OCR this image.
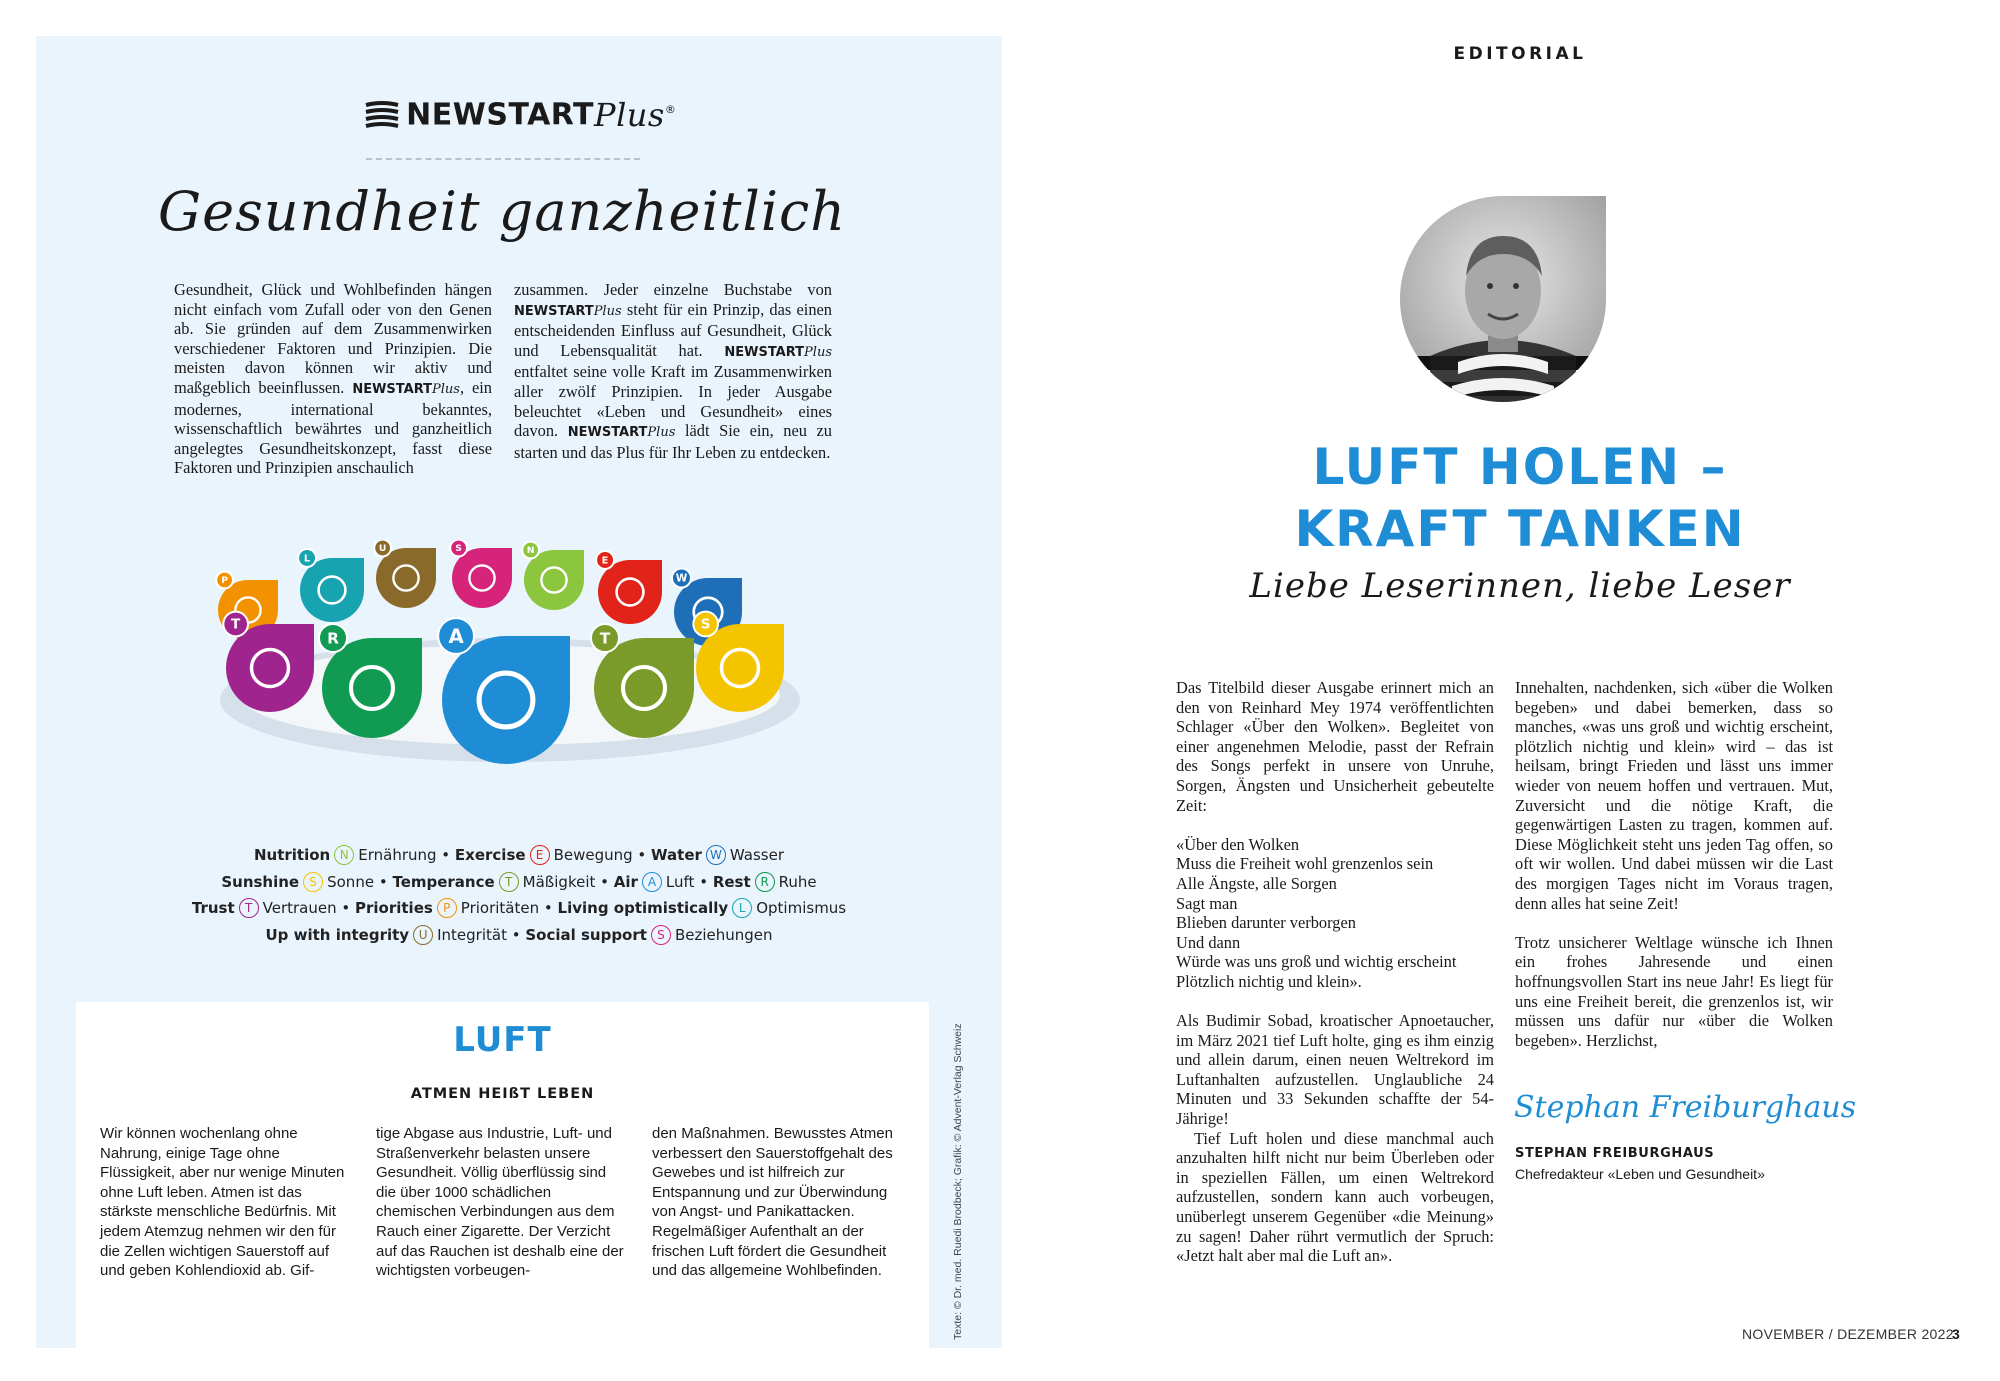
NEWSTARTPlus®
Gesundheit ganzheitlich
Gesundheit, Glück und Wohlbefinden hängen nicht einfach vom Zufall oder von den Genen ab. Sie gründen auf dem Zusammenwirken verschiedener Faktoren und Prinzipien. Die meisten davon können wir aktiv und maßgeblich beeinflussen. NEWSTARTPlus, ein modernes, international bekanntes, wissenschaftlich bewährtes und ganzheitlich angelegtes Gesundheitskonzept, fasst diese Faktoren und Prinzipien anschaulich
zusammen. Jeder einzelne Buchstabe von NEWSTARTPlus steht für ein Prinzip, das einen entscheidenden Einfluss auf Gesundheit, Glück und Lebensqualität hat. NEWSTARTPlus entfaltet seine volle Kraft im Zusammenwirken aller zwölf Prinzipien. In jeder Ausgabe beleuchtet «Leben und Gesundheit» eines davon. NEWSTARTPlus lädt Sie ein, neu zu starten und das Plus für Ihr Leben zu entdecken.
P
L
U	S	N
E
W
T
R	A	T
S
Nutrition N Ernährung • Exercise E Bewegung • Water W Wasser
Sunshine S Sonne • Temperance T Mäßigkeit • Air A Luft • Rest R Ruhe
Trust T Vertrauen • Priorities P Prioritäten • Living optimistically L Optimismus
Up with integrity U Integrität • Social support S Beziehungen
LUFT
ATMEN HEIßT LEBEN
Wir können wochenlang ohne Nahrung, einige Tage ohne Flüssigkeit, aber nur wenige Minuten ohne Luft leben. Atmen ist das stärkste menschliche Bedürfnis. Mit jedem Atemzug nehmen wir den für die Zellen wichtigen Sauerstoff auf und geben Kohlendioxid ab. Gif-
tige Abgase aus Industrie, Luft- und Straßenverkehr belasten unsere Gesundheit. Völlig überflüssig sind die über 1000 schädlichen chemischen Verbindungen aus dem Rauch einer Zigarette. Der Verzicht auf das Rauchen ist deshalb eine der wichtigsten vorbeugen-
den Maßnahmen. Bewusstes Atmen verbessert den Sauerstoffgehalt des Gewebes und ist hilfreich zur Entspannung und zur Überwindung von Angst- und Panikattacken. Regelmäßiger Aufenthalt an der frischen Luft fördert die Gesundheit und das allgemeine Wohlbefinden.	Texte: © Dr. med. Ruedi Brodbeck; Grafik: © Advent-Verlag Schweiz
EDITORIAL
LUFT HOLEN –
KRAFT TANKEN
Liebe Leserinnen, liebe Leser

Das Titelbild dieser Ausgabe erinnert mich an den von Reinhard Mey 1974 veröffentlichten Schlager «Über den Wolken». Begleitet von einer angenehmen Melodie, passt der Refrain des Songs perfekt in unsere von Unruhe, Sorgen, Ängsten und Unsicherheit gebeutelte Zeit:

«Über den Wolken
Muss die Freiheit wohl grenzenlos sein
Alle Ängste, alle Sorgen
Sagt man
Blieben darunter verborgen
Und dann
Würde was uns groß und wichtig erscheint
Plötzlich nichtig und klein».

Als Budimir Sobad, kroatischer Apnoetaucher, im März 2021 tief Luft holte, ging es ihm einzig und allein darum, einen neuen Weltrekord im Luftanhalten aufzustellen. Unglaubliche 24 Minuten und 33 Sekunden schaffte der 54-Jährige!

Tief Luft holen und diese manchmal auch anzuhalten hilft nicht nur beim Überleben oder in speziellen Fällen, um einen Weltrekord aufzustellen, sondern kann auch vorbeugen, unüberlegt unserem Gegenüber «die Meinung» zu sagen! Daher rührt vermutlich der Spruch: «Jetzt halt aber mal die Luft an».

Innehalten, nachdenken, sich «über die Wolken begeben» und dabei bemerken, dass so manches, «was uns groß und wichtig erscheint, plötzlich nichtig und klein» wird – das ist heilsam, bringt Frieden und lässt uns immer wieder von neuem hoffen und vertrauen. Mut, Zuversicht und die nötige Kraft, die gegenwärtigen Lasten zu tragen, kommen auf. Diese Möglichkeit steht uns jeden Tag offen, so oft wir wollen. Und dabei müssen wir die Last des morgigen Tages nicht im Voraus tragen, denn alles hat seine Zeit!

Trotz unsicherer Weltlage wünsche ich Ihnen ein frohes Jahresende und einen hoffnungsvollen Start ins neue Jahr! Es liegt für uns eine Freiheit bereit, die grenzenlos ist, wir müssen uns dafür nur «über die Wolken begeben». Herzlichst,

Stephan Freiburghaus
STEPHAN FREIBURGHAUS
Chefredakteur «Leben und Gesundheit»
NOVEMBER / DEZEMBER 2022
3
